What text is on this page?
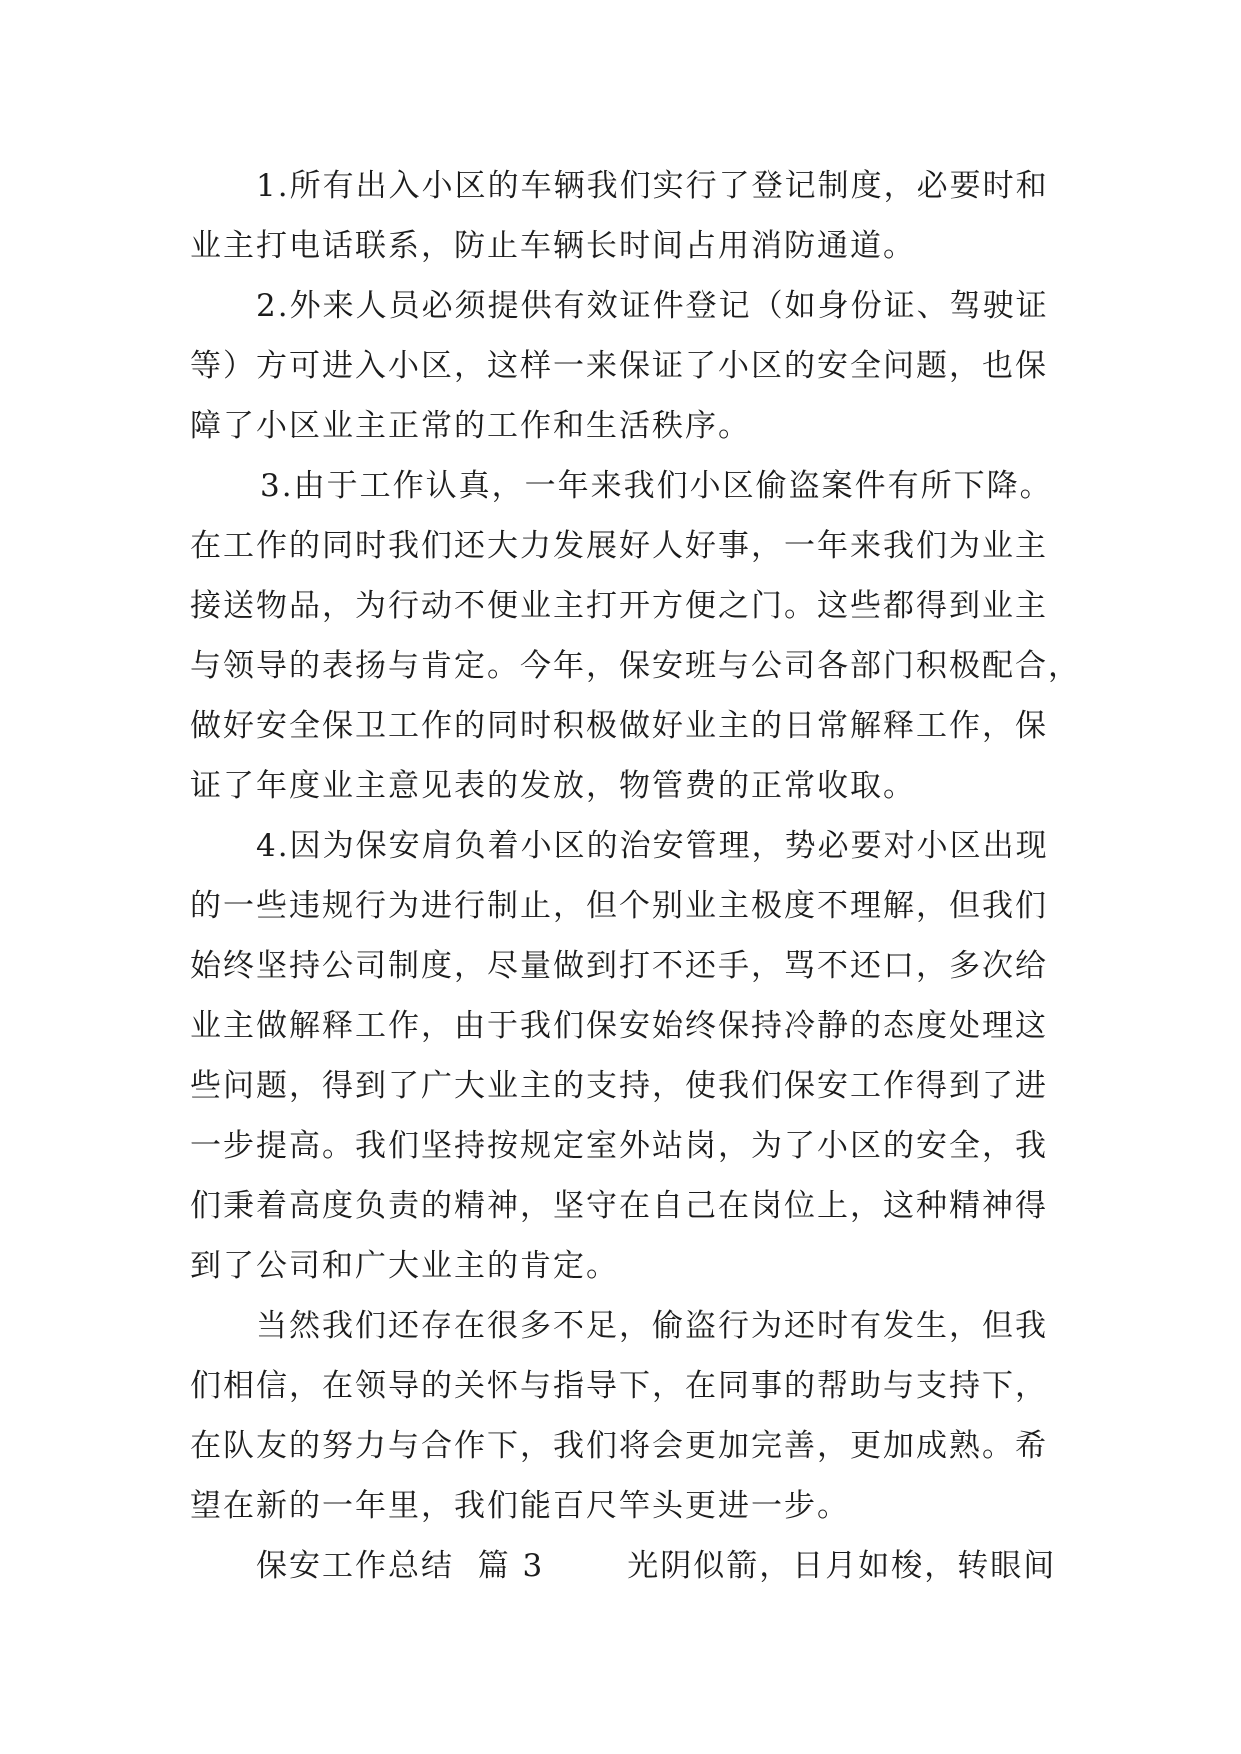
1.所有出入小区的车辆我们实行了登记制度，必要时和
业主打电话联系，防止车辆长时间占用消防通道。
2.外来人员必须提供有效证件登记（如身份证、驾驶证
等）方可进入小区，这样一来保证了小区的安全问题，也保
障了小区业主正常的工作和生活秩序。
3.由于工作认真，一年来我们小区偷盗案件有所下降。
在工作的同时我们还大力发展好人好事，一年来我们为业主
接送物品，为行动不便业主打开方便之门。这些都得到业主
与领导的表扬与肯定。今年，保安班与公司各部门积极配合，
做好安全保卫工作的同时积极做好业主的日常解释工作，保
证了年度业主意见表的发放，物管费的正常收取。
4.因为保安肩负着小区的治安管理，势必要对小区出现
的一些违规行为进行制止，但个别业主极度不理解，但我们
始终坚持公司制度，尽量做到打不还手，骂不还口，多次给
业主做解释工作，由于我们保安始终保持冷静的态度处理这
些问题，得到了广大业主的支持，使我们保安工作得到了进
一步提高。我们坚持按规定室外站岗，为了小区的安全，我
们秉着高度负责的精神，坚守在自己在岗位上，这种精神得
到了公司和广大业主的肯定。
当然我们还存在很多不足，偷盗行为还时有发生，但我
们相信，在领导的关怀与指导下，在同事的帮助与支持下，
在队友的努力与合作下，我们将会更加完善，更加成熟。希
望在新的一年里，我们能百尺竿头更进一步。
保安工作总结  篇 3       光阴似箭，日月如梭，转眼间
